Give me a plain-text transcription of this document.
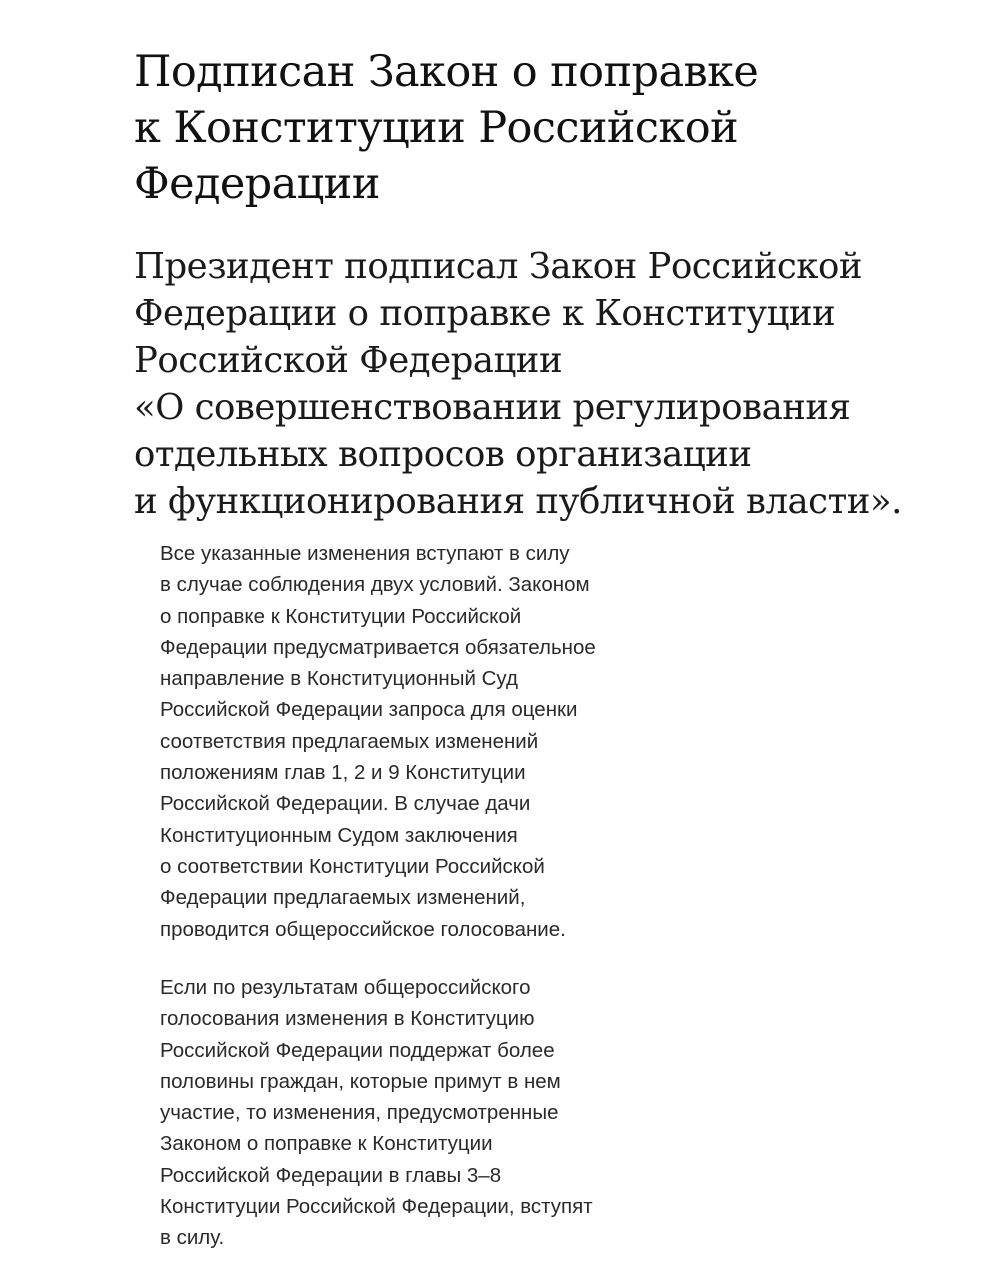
Подписан Закон о поправке
к Конституции Российской
Федерации
Президент подписал Закон Российской
Федерации о поправке к Конституции
Российской Федерации
«О совершенствовании регулирования
отдельных вопросов организации
и функционирования публичной власти».

Все указанные изменения вступают в силу
в случае соблюдения двух условий. Законом
о поправке к Конституции Российской
Федерации предусматривается обязательное
направление в Конституционный Суд
Российской Федерации запроса для оценки
соответствия предлагаемых изменений
положениям глав 1, 2 и 9 Конституции
Российской Федерации. В случае дачи
Конституционным Судом заключения
о соответствии Конституции Российской
Федерации предлагаемых изменений,
проводится общероссийское голосование.

Если по результатам общероссийского
голосования изменения в Конституцию
Российской Федерации поддержат более
половины граждан, которые примут в нем
участие, то изменения, предусмотренные
Законом о поправке к Конституции
Российской Федерации в главы 3–8
Конституции Российской Федерации, вступят
в силу.
